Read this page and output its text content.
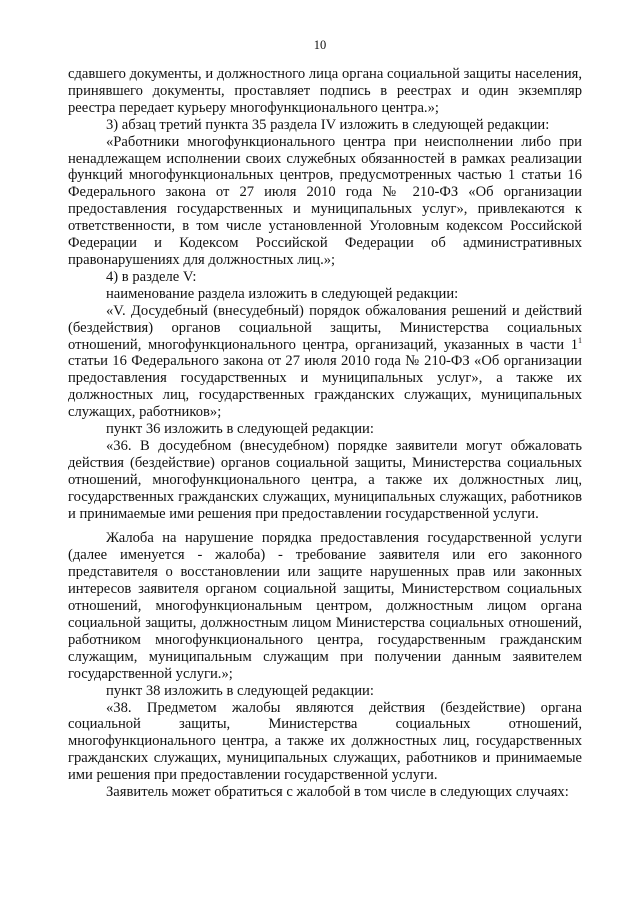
10

сдавшего документы, и должностного лица органа социальной защиты населения, принявшего документы, проставляет подпись в реестрах и один экземпляр реестра передает курьеру многофункционального центра.»;

3) абзац третий пункта 35 раздела IV изложить в следующей редакции:

«Работники многофункционального центра при неисполнении либо при ненадлежащем исполнении своих служебных обязанностей в рамках реализации функций многофункциональных центров, предусмотренных частью 1 статьи 16 Федерального закона от 27 июля 2010 года № 210-ФЗ «Об организации предоставления государственных и муниципальных услуг», привлекаются к ответственности, в том числе установленной Уголовным кодексом Российской Федерации и Кодексом Российской Федерации об административных правонарушениях для должностных лиц.»;

4) в разделе V:

наименование раздела изложить в следующей редакции:

«V. Досудебный (внесудебный) порядок обжалования решений и действий (бездействия) органов социальной защиты, Министерства социальных отношений, многофункционального центра, организаций, указанных в части $1^1$ статьи 16 Федерального закона от 27 июля 2010 года № 210-ФЗ «Об организации предоставления государственных и муниципальных услуг», а также их должностных лиц, государственных гражданских служащих, муниципальных служащих, работников»;

пункт 36 изложить в следующей редакции:

«36. В досудебном (внесудебном) порядке заявители могут обжаловать действия (бездействие) органов социальной защиты, Министерства социальных отношений, многофункционального центра, а также их должностных лиц, государственных гражданских служащих, муниципальных служащих, работников и принимаемые ими решения при предоставлении государственной услуги.

Жалоба на нарушение порядка предоставления государственной услуги (далее именуется - жалоба) - требование заявителя или его законного представителя о восстановлении или защите нарушенных прав или законных интересов заявителя органом социальной защиты, Министерством социальных отношений, многофункциональным центром, должностным лицом органа социальной защиты, должностным лицом Министерства социальных отношений, работником многофункционального центра, государственным гражданским служащим, муниципальным служащим при получении данным заявителем государственной услуги.»;

пункт 38 изложить в следующей редакции:

«38. Предметом жалобы являются действия (бездействие) органа социальной защиты, Министерства социальных отношений, многофункционального центра, а также их должностных лиц, государственных гражданских служащих, муниципальных служащих, работников и принимаемые ими решения при предоставлении государственной услуги.

Заявитель может обратиться с жалобой в том числе в следующих случаях:
